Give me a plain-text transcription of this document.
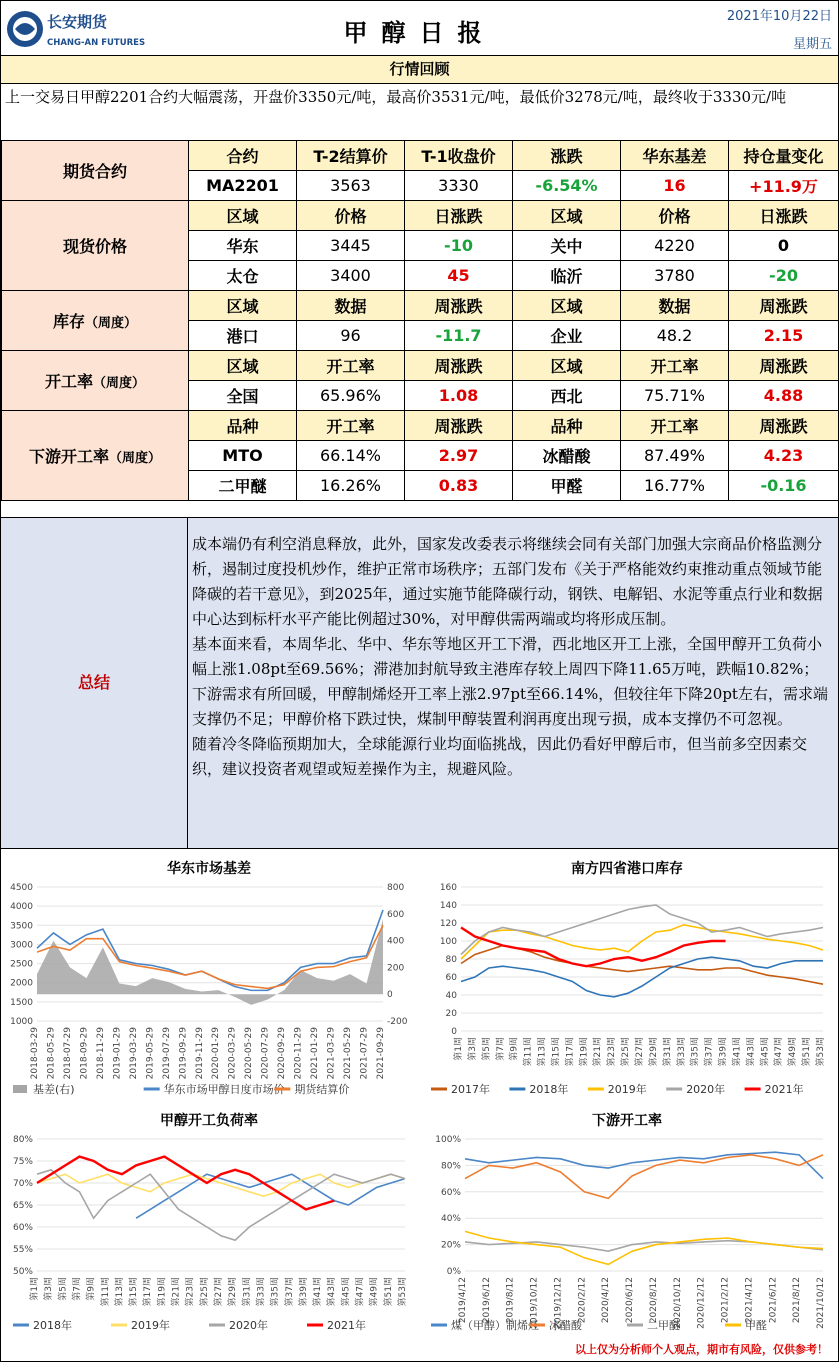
长安期货
CHANG-AN FUTURES	甲醇日报
2021年10月22日
星期五
行情回顾
上一交易日甲醇2201合约大幅震荡，开盘价3350元/吨，最高价3531元/吨，最低价3278元/吨，最终收于3330元/吨
期货合约	合约	T-2结算价	T-1收盘价	涨跌	华东基差	持仓量变化
	MA2201	3563	3330	-6.54%	16	+11.9万
现货价格	区域	价格	日涨跌	区域	价格	日涨跌
	华东	3445	-10	关中	4220	0
	太仓	3400	45	临沂	3780	-20
库存（周度）	区域	数据	周涨跌	区域	数据	周涨跌
	港口	96	-11.7	企业	48.2	2.15
开工率（周度）	区域	开工率	周涨跌	区域	开工率	周涨跌
	全国	65.96%	1.08	西北	75.71%	4.88
下游开工率（周度）	品种	开工率	周涨跌	品种	开工率	周涨跌
	MTO	66.14%	2.97	冰醋酸	87.49%	4.23
	二甲醚	16.26%	0.83	甲醛	16.77%	-0.16
总结
成本端仍有利空消息释放，此外，国家发改委表示将继续会同有关部门加强大宗商品价格监测分析，遏制过度投机炒作，维护正常市场秩序；五部门发布《关于严格能效约束推动重点领域节能降碳的若干意见》，到2025年，通过实施节能降碳行动，钢铁、电解铝、水泥等重点行业和数据中心达到标杆水平产能比例超过30%，对甲醇供需两端或均将形成压制。
基本面来看，本周华北、华中、华东等地区开工下滑，西北地区开工上涨，全国甲醇开工负荷小幅上涨1.08pt至69.56%；滞港加封航导致主港库存较上周四下降11.65万吨，跌幅10.82%；下游需求有所回暖，甲醇制烯烃开工率上涨2.97pt至66.14%，但较往年下降20pt左右，需求端支撑仍不足；甲醇价格下跌过快，煤制甲醇装置利润再度出现亏损，成本支撑仍不可忽视。
随着冷冬降临预期加大，全球能源行业均面临挑战，因此仍看好甲醇后市，但当前多空因素交织，建议投资者观望或短差操作为主，规避风险。
华东市场基差
4500
4000
3500
3000
2500
2000
1500
1000
800
600
400
200
0
-200
2018-03-29 2018-05-29 2018-07-29 2018-09-29 2018-11-29 2019-01-29 2019-03-29 2019-05-29 2019-07-29 2019-09-29 2019-11-29 2020-01-29 2020-03-29 2020-05-29 2020-07-29 2020-09-29 2020-11-29 2021-01-29 2021-03-29 2021-05-29 2021-07-29 2021-09-29
基差(右)	华东市场甲醇日度市场价 期货结算价
南方四省港口库存
160
140
120
100
80
60
40
20
0
第1周 第3周 第5周 第7周 第9周 第11周 第13周 第15周 第17周 第19周 第21周 第23周 第25周 第27周 第29周 第31周 第33周 第35周 第37周 第39周 第41周 第43周 第45周 第47周 第49周 第51周 第53周
2017年	2018年	2019年	2020年	2021年
甲醇开工负荷率
80%
75%
70%
65%
60%
55%
50%
第1周 第3周 第5周 第7周 第9周 第11周 第13周 第15周 第17周 第19周 第21周 第23周 第25周 第27周 第29周 第31周 第33周 第35周 第37周 第39周 第41周 第43周 第45周 第47周 第49周 第51周 第53周
2018年	2019年	2020年	2021年
下游开工率
100%
80%
60%
40%
20%
0%
2019/4/12 2019/6/12 2019/8/12 2019/10/12 2019/12/12 2020/2/12 2020/4/12 2020/6/12 2020/8/12 2020/10/12 2020/12/12 2021/2/12 2021/4/12 2021/6/12 2021/8/12 2021/10/12
煤（甲醇）制烯烃 冰醋酸	二甲醚	甲醛
以上仅为分析师个人观点，期市有风险，仅供参考！
